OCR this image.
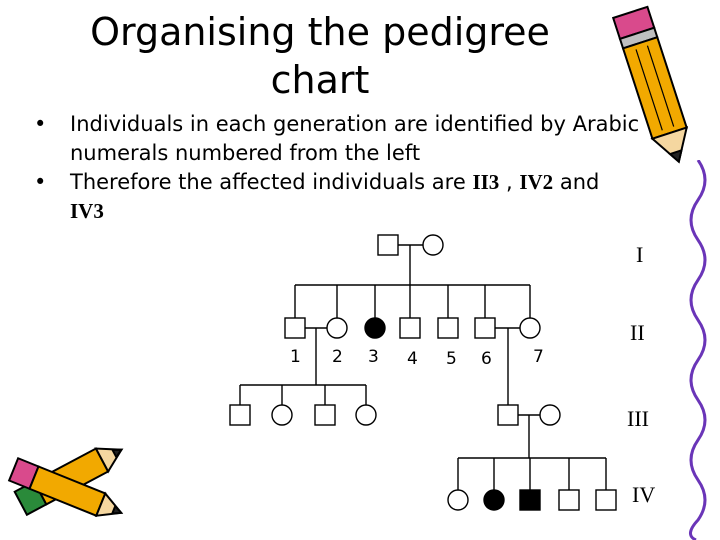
Organising the pedigree
chart
• Individuals in each generation are identified by Arabic numerals numbered from the left
• Therefore the affected individuals are II3 , IV2 and
IV3
I
II
III
IV
1 2 3 4 5 6 7
